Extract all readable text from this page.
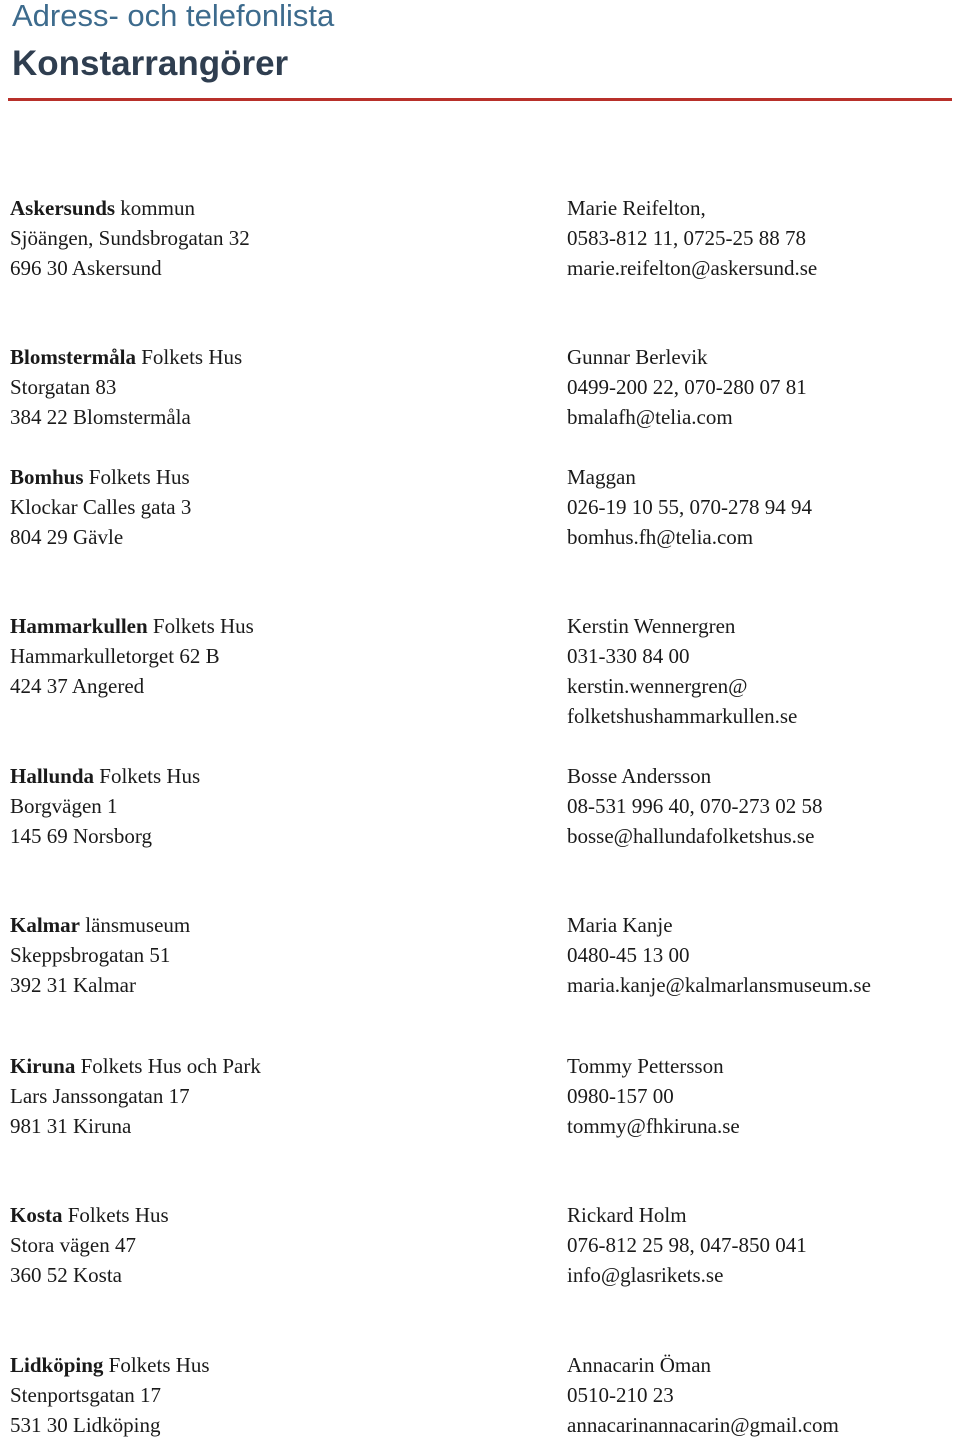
Adress- och telefonlista
Konstarrangörer
Askersunds kommun
Sjöängen, Sundsbrogatan 32
696 30 Askersund
Marie Reifelton,
0583-812 11, 0725-25 88 78
marie.reifelton@askersund.se
Blomstermåla Folkets Hus
Storgatan 83
384 22 Blomstermåla
Gunnar Berlevik
0499-200 22, 070-280 07 81
bmalafh@telia.com
Bomhus Folkets Hus
Klockar Calles gata 3
804 29 Gävle
Maggan
026-19 10 55, 070-278 94 94
bomhus.fh@telia.com
Hammarkullen Folkets Hus
Hammarkulletorget 62 B
424 37 Angered
Kerstin Wennergren
031-330 84 00
kerstin.wennergren@
folketshushammarkullen.se
Hallunda Folkets Hus
Borgvägen 1
145 69 Norsborg
Bosse Andersson
08-531 996 40, 070-273 02 58
bosse@hallundafolketshus.se
Kalmar länsmuseum
Skeppsbrogatan 51
392 31 Kalmar
Maria Kanje
0480-45 13 00
maria.kanje@kalmarlansmuseum.se
Kiruna Folkets Hus och Park
Lars Janssongatan 17
981 31 Kiruna
Tommy Pettersson
0980-157 00
tommy@fhkiruna.se
Kosta Folkets Hus
Stora vägen 47
360 52 Kosta
Rickard Holm
076-812 25 98, 047-850 041
info@glasrikets.se
Lidköping Folkets Hus
Stenportsgatan 17
531 30 Lidköping
Annacarin Öman
0510-210 23
annacarinannacarin@gmail.com
